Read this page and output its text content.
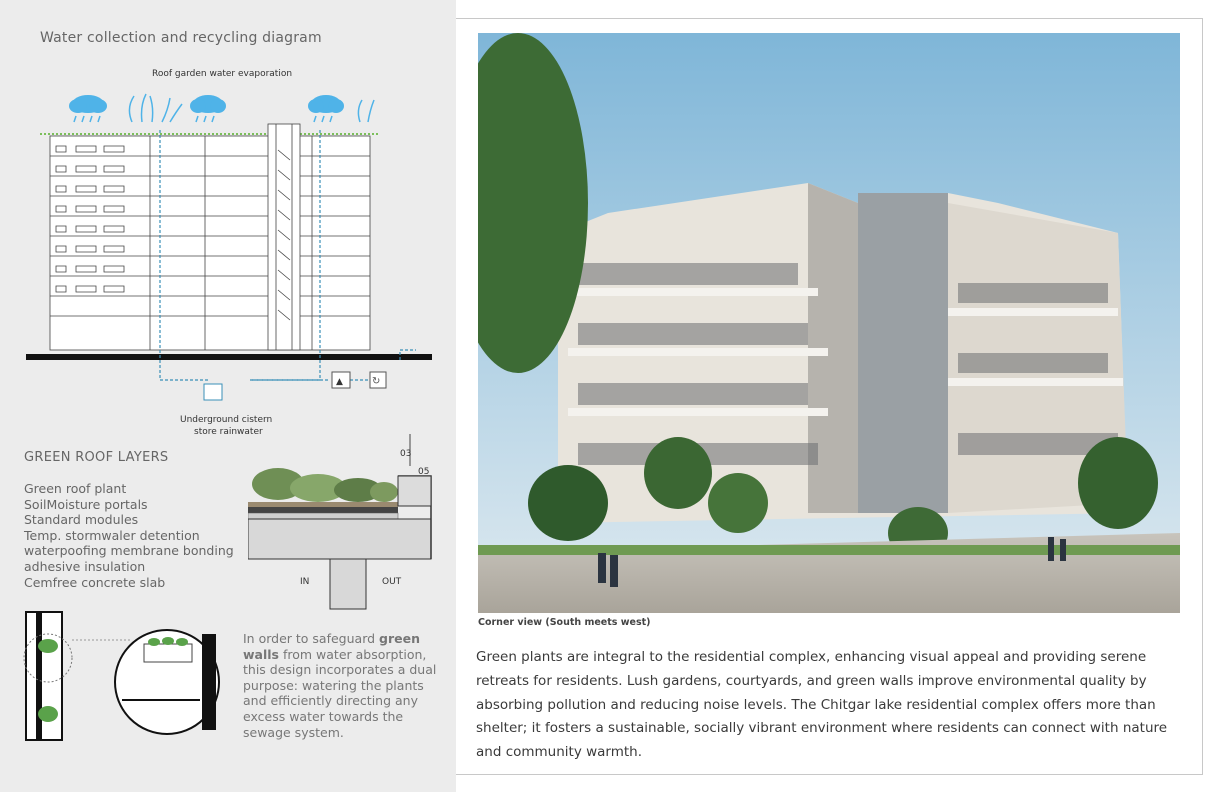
Water collection and recycling diagram
Roof garden water evaporation
▲	↻
Underground cistern
store rainwater
GREEN ROOF LAYERS
Green roof plant
SoilMoisture portals
Standard modules
Temp. stormwaler detention
waterpoofing membrane bonding
adhesive insulation
Cemfree concrete slab
03
05
IN	OUT
In order to safeguard green walls from water absorption, this design incorporates a dual purpose: watering the plants and efficiently directing any excess water towards the sewage system.
Corner view (South meets west)
Green plants are integral to the residential complex, enhancing visual appeal and providing serene retreats for residents. Lush gardens, courtyards, and green walls improve environmental quality by absorbing pollution and reducing noise levels. The Chitgar lake residential complex offers more than shelter; it fosters a sustainable, socially vibrant environment where residents can connect with nature and community warmth.
